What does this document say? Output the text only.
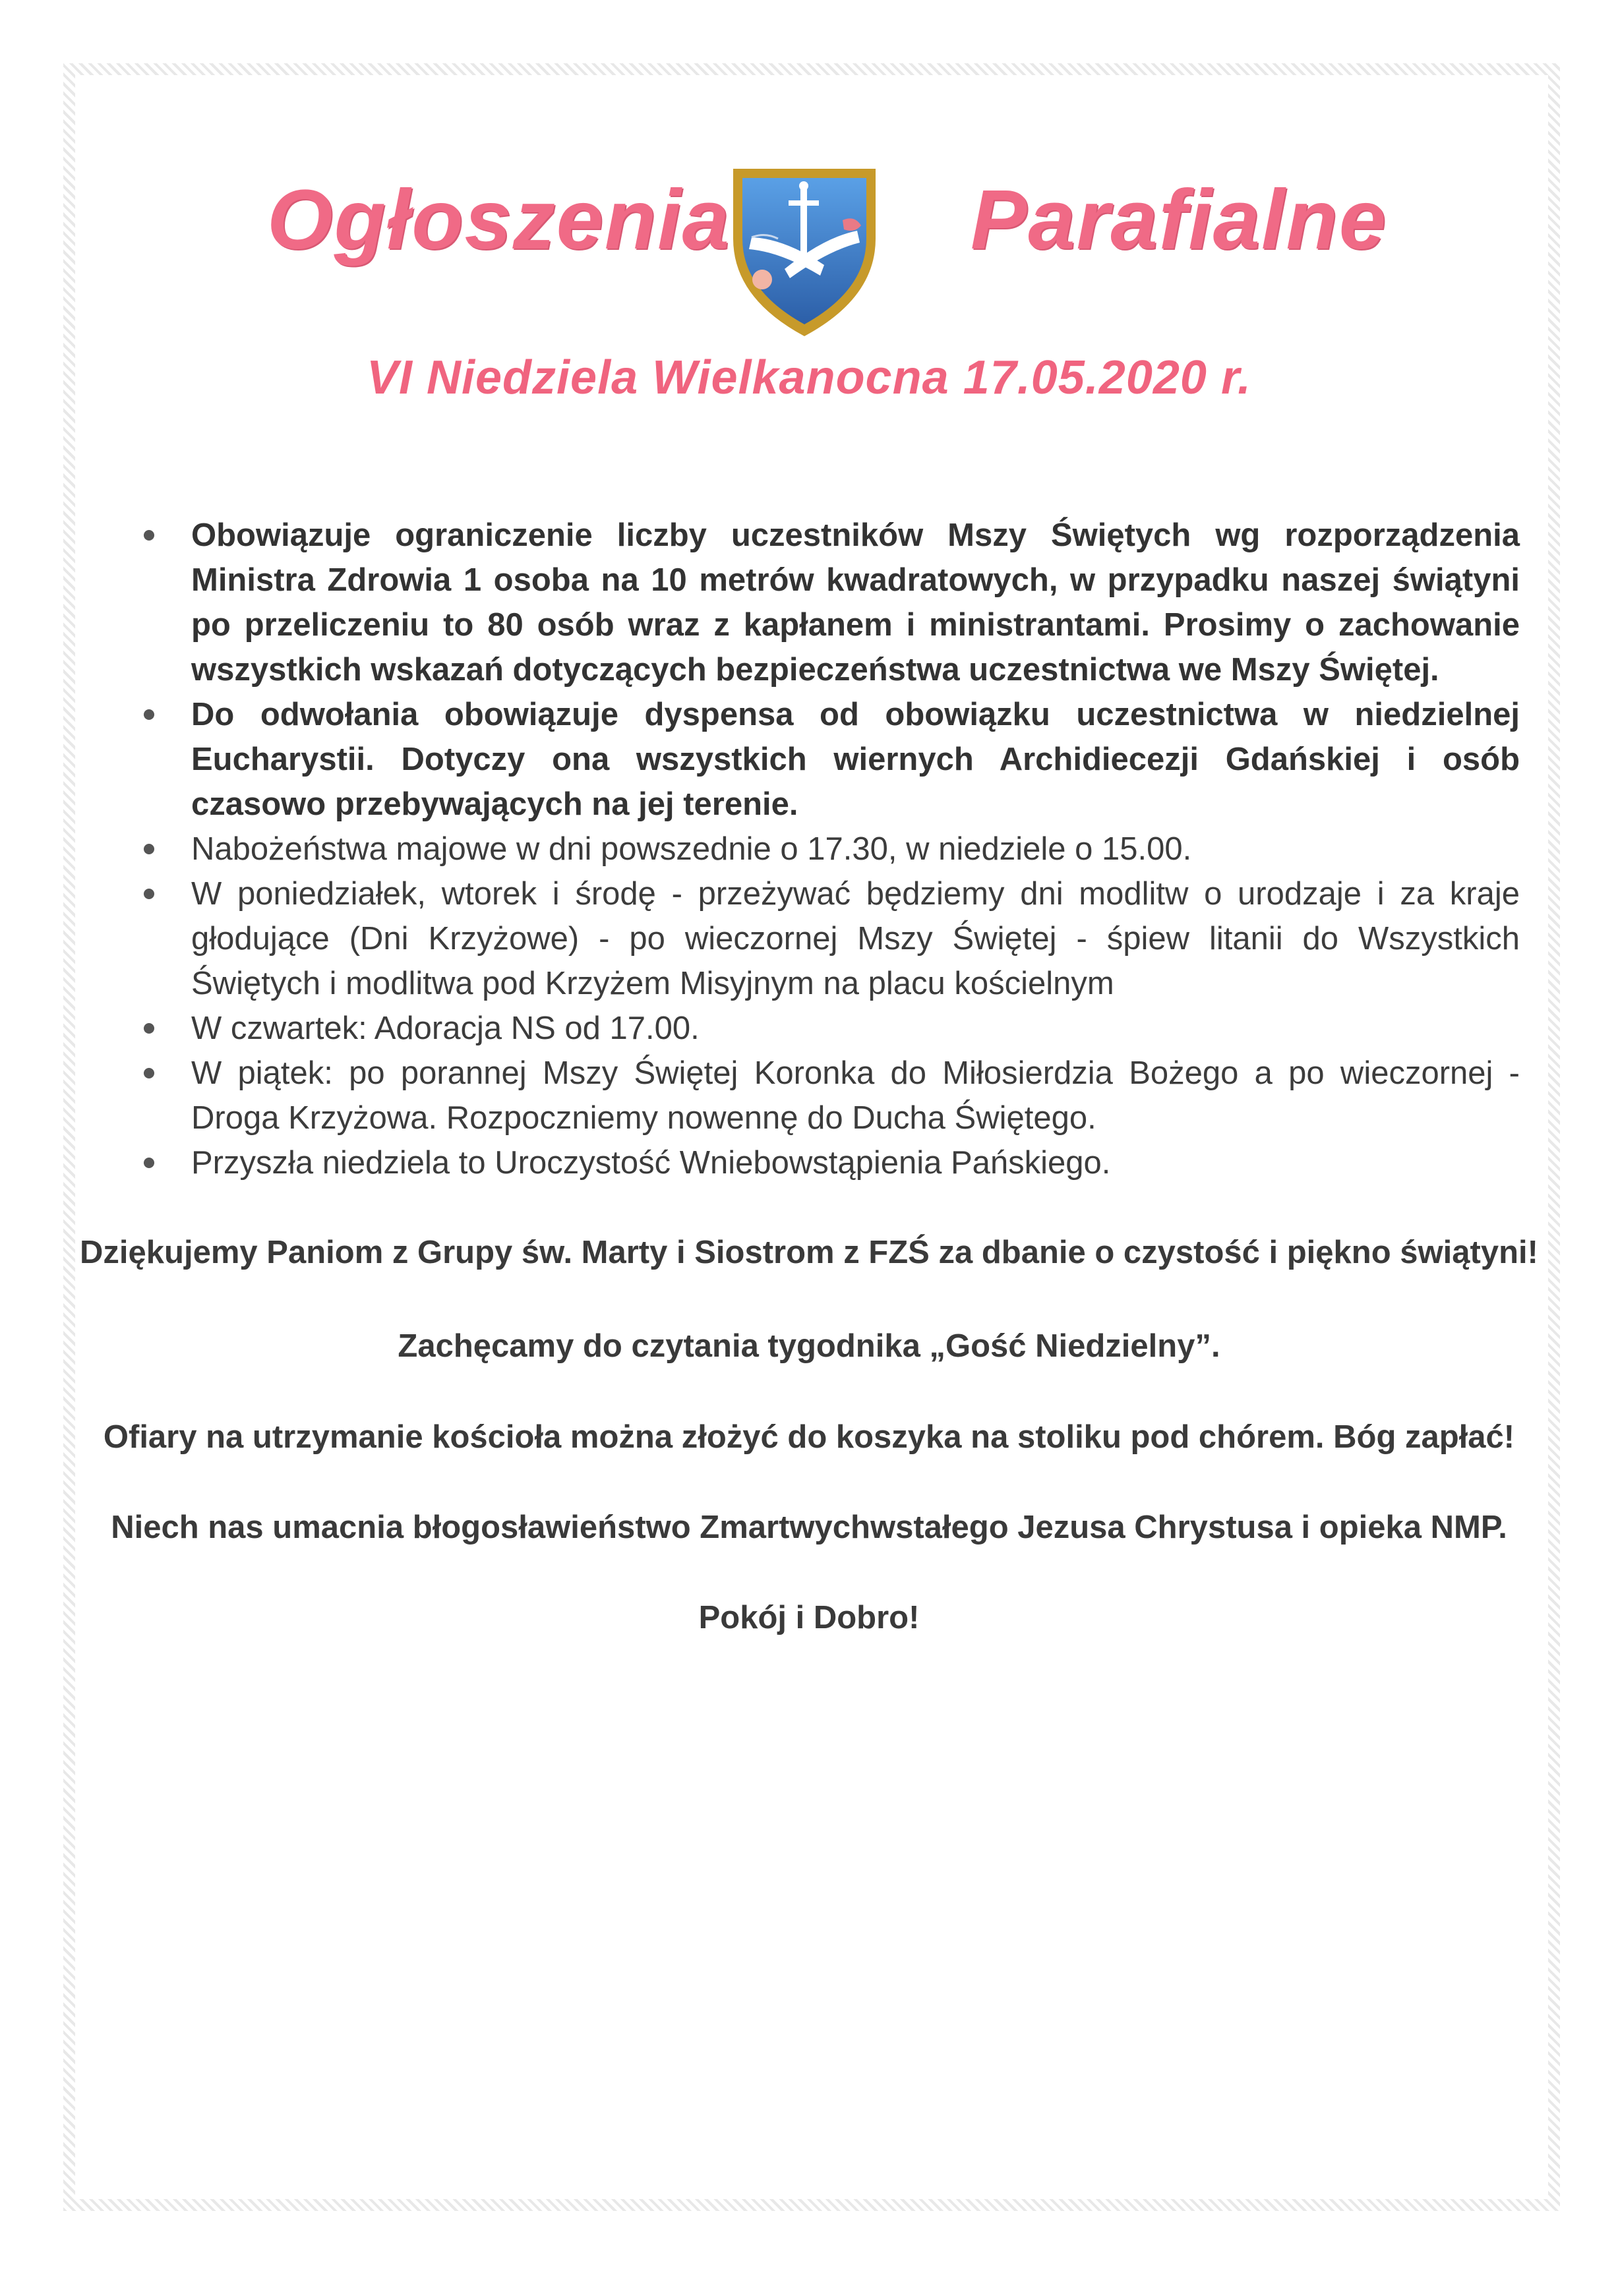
Ogłoszenia	Parafialne
VI Niedziela Wielkanocna 17.05.2020 r.
Obowiązuje ograniczenie liczby uczestników Mszy Świętych wg rozporządzenia Ministra Zdrowia 1 osoba na 10 metrów kwadratowych, w przypadku naszej świątyni po przeliczeniu to 80 osób wraz z kapłanem i ministrantami. Prosimy o zachowanie wszystkich wskazań dotyczących bezpieczeństwa uczestnictwa we Mszy Świętej.
Do odwołania obowiązuje dyspensa od obowiązku uczestnictwa w niedzielnej Eucharystii. Dotyczy ona wszystkich wiernych Archidiecezji Gdańskiej i osób czasowo przebywających na jej terenie.
Nabożeństwa majowe w dni powszednie o 17.30, w niedziele o 15.00.
W poniedziałek, wtorek i środę - przeżywać będziemy dni modlitw o urodzaje i za kraje głodujące (Dni Krzyżowe) - po wieczornej Mszy Świętej - śpiew litanii do Wszystkich Świętych i modlitwa pod Krzyżem Misyjnym na placu kościelnym
W czwartek: Adoracja NS od 17.00.
W piątek: po porannej Mszy Świętej Koronka do Miłosierdzia Bożego a po wieczornej - Droga Krzyżowa. Rozpoczniemy nowennę do Ducha Świętego.
Przyszła niedziela to Uroczystość Wniebowstąpienia Pańskiego.
Dziękujemy Paniom z Grupy św. Marty i Siostrom z FZŚ za dbanie o czystość i piękno świątyni!
Zachęcamy do czytania tygodnika „Gość Niedzielny”.
Ofiary na utrzymanie kościoła można złożyć do koszyka na stoliku pod chórem. Bóg zapłać!
Niech nas umacnia błogosławieństwo Zmartwychwstałego Jezusa Chrystusa i opieka NMP.
Pokój i Dobro!
